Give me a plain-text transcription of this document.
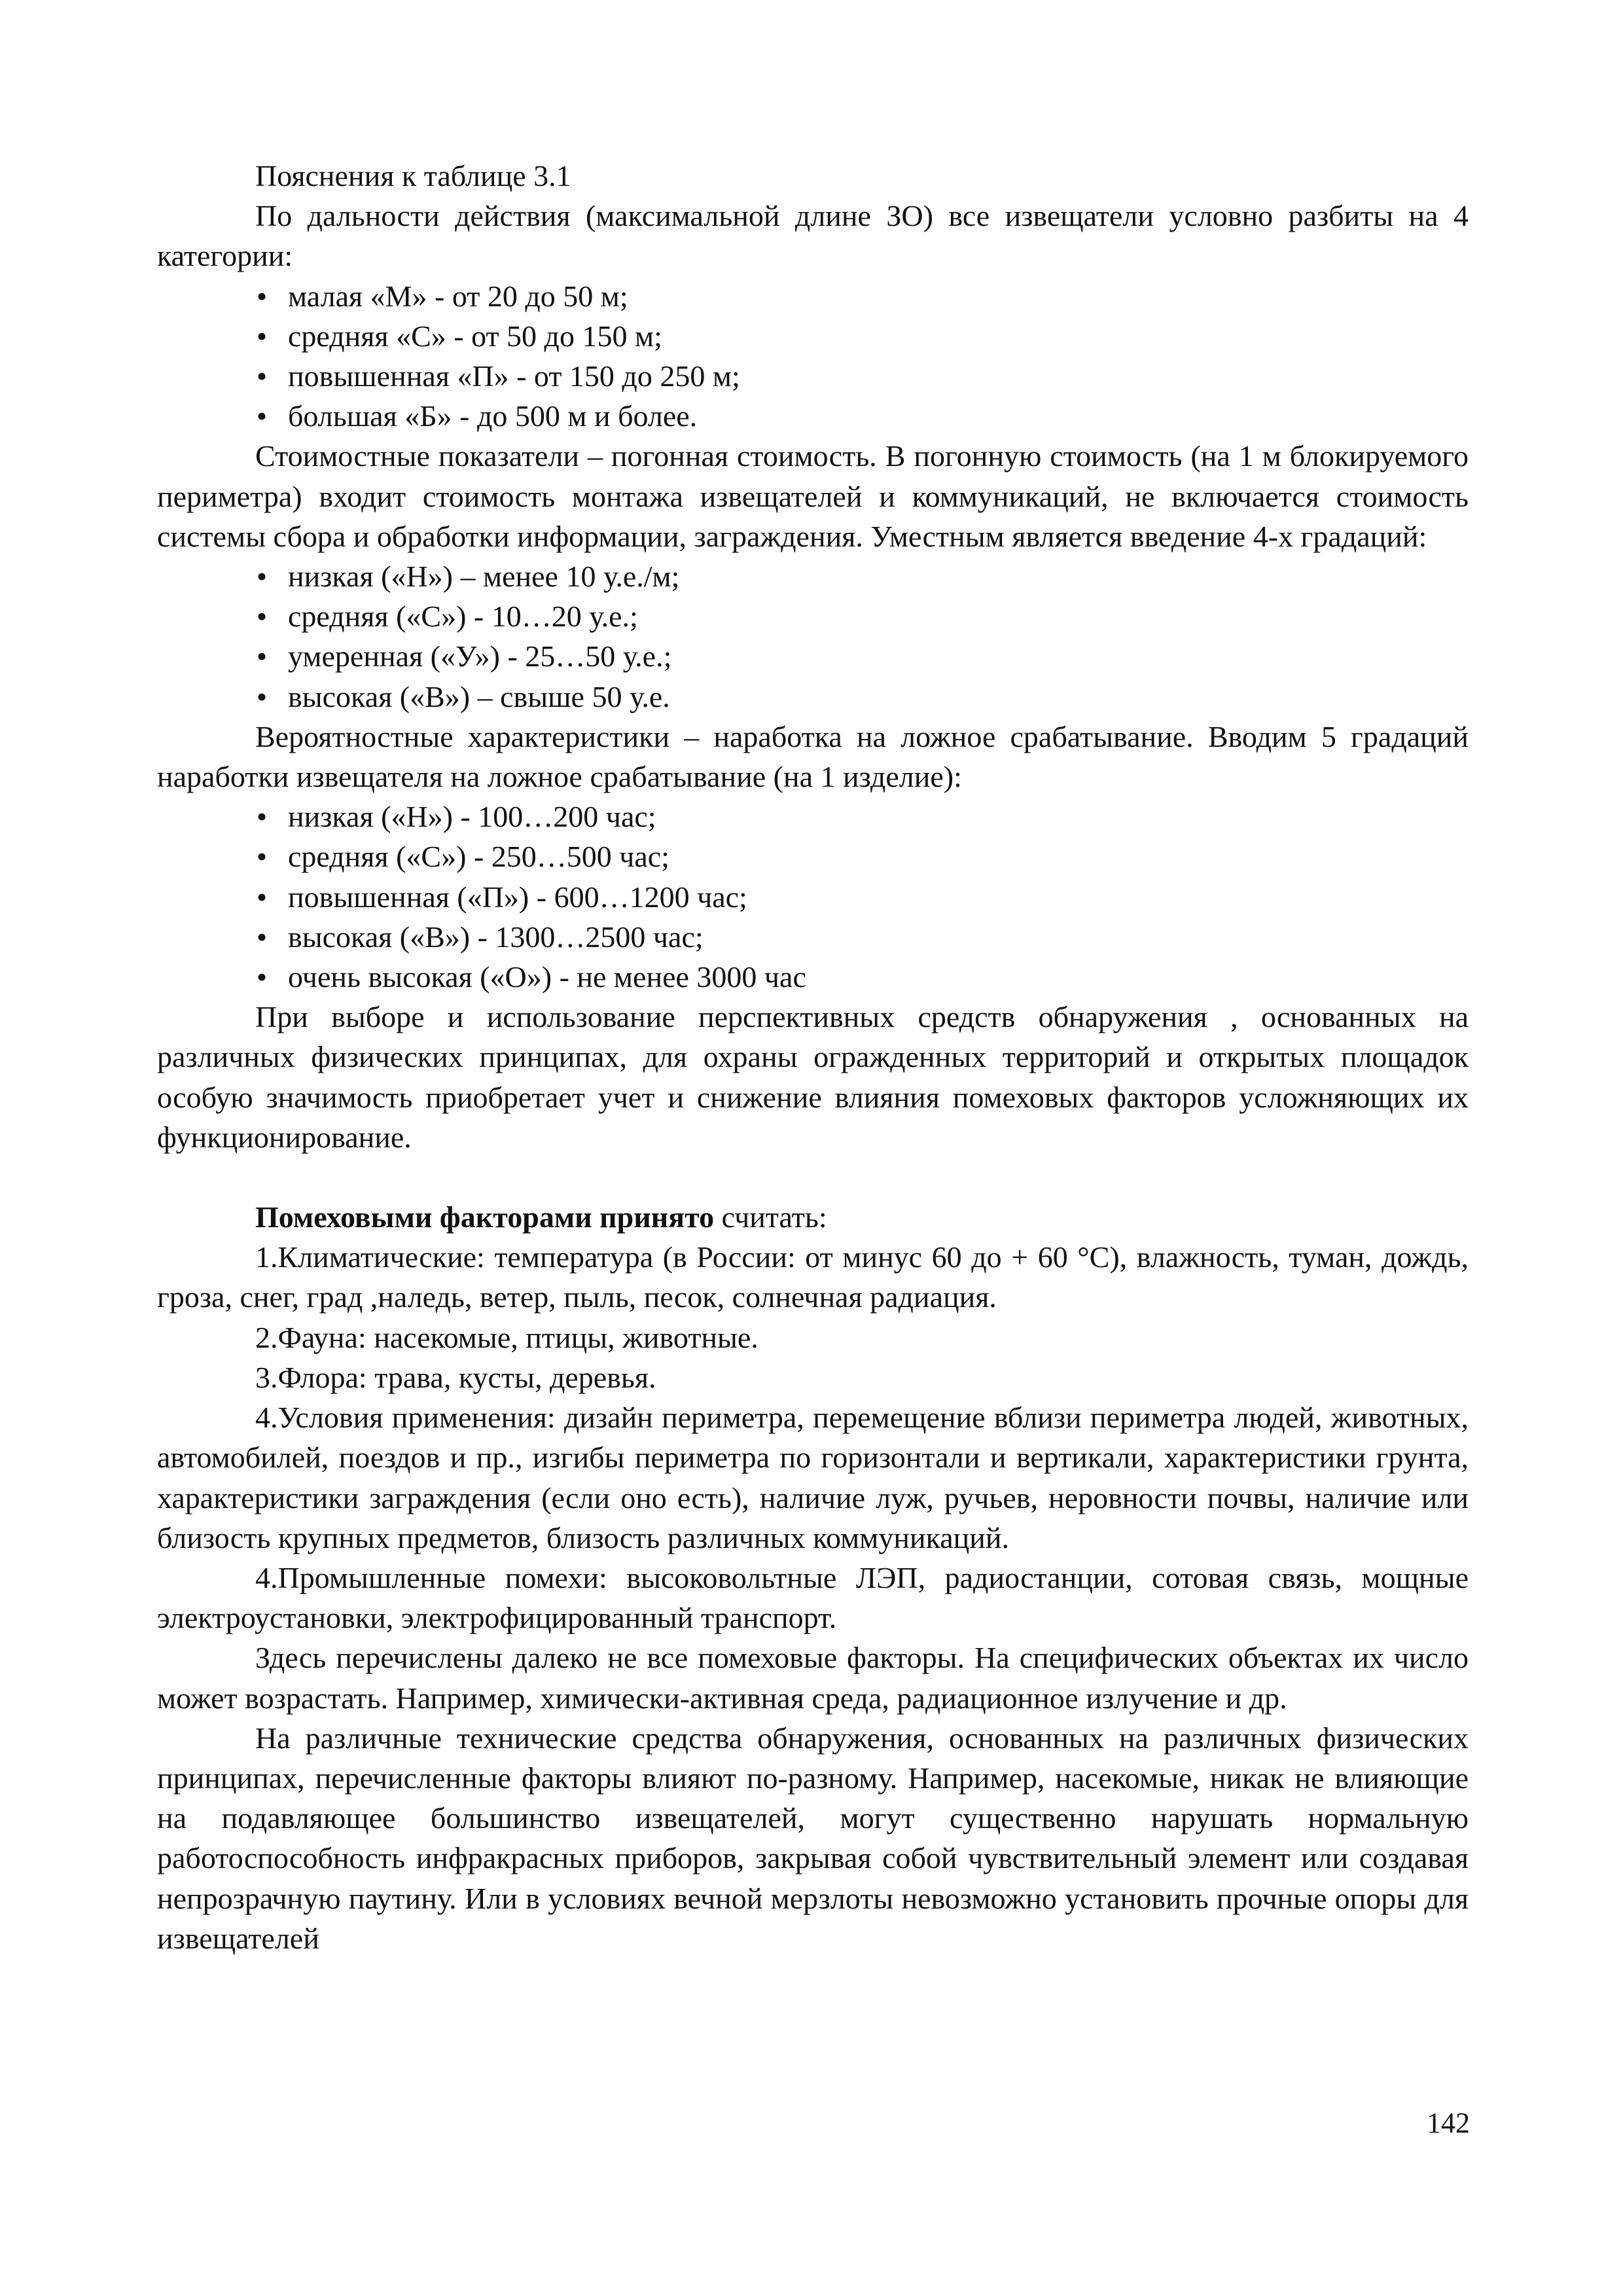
Пояснения к таблице 3.1

По дальности действия (максимальной длине ЗО) все извещатели условно разбиты на 4 категории:

• малая «М» - от 20 до 50 м;
• средняя «С» - от 50 до 150 м;
• повышенная «П» - от 150 до 250 м;
• большая «Б» - до 500 м и более.

Стоимостные показатели – погонная стоимость. В погонную стоимость (на 1 м блокируемого периметра) входит стоимость монтажа извещателей и коммуникаций, не включается стоимость системы сбора и обработки информации, заграждения. Уместным является введение 4-х градаций:

• низкая («Н») – менее 10 у.е./м;
• средняя («С») - 10…20 у.е.;
• умеренная («У») - 25…50 у.е.;
• высокая («В») – свыше 50 у.е.

Вероятностные характеристики – наработка на ложное срабатывание. Вводим 5 градаций наработки извещателя на ложное срабатывание (на 1 изделие):

• низкая («Н») - 100…200 час;
• средняя («С») - 250…500 час;
• повышенная («П») - 600…1200 час;
• высокая («В») - 1300…2500 час;
• очень высокая («О») - не менее 3000 час

При выборе и использование перспективных средств обнаружения , основанных на различных физических принципах, для охраны огражденных территорий и открытых площадок особую значимость приобретает учет и снижение влияния помеховых факторов усложняющих их функционирование.

Помеховыми факторами принято считать:

1.Климатические: температура (в России: от минус 60 до + 60 °С), влажность, туман, дождь, гроза, снег, град ,наледь, ветер, пыль, песок, солнечная радиация.

2.Фауна: насекомые, птицы, животные.

3.Флора: трава, кусты, деревья.

4.Условия применения: дизайн периметра, перемещение вблизи периметра людей, животных, автомобилей, поездов и пр., изгибы периметра по горизонтали и вертикали, характеристики грунта, характеристики заграждения (если оно есть), наличие луж, ручьев, неровности почвы, наличие или близость крупных предметов, близость различных коммуникаций.

4.Промышленные помехи: высоковольтные ЛЭП, радиостанции, сотовая связь, мощные электроустановки, электрофицированный транспорт.

Здесь перечислены далеко не все помеховые факторы. На специфических объектах их число может возрастать. Например, химически-активная среда, радиационное излучение и др.

На различные технические средства обнаружения, основанных на различных физических принципах, перечисленные факторы влияют по-разному. Например, насекомые, никак не влияющие на подавляющее большинство извещателей, могут существенно нарушать нормальную работоспособность инфракрасных приборов, закрывая собой чувствительный элемент или создавая непрозрачную паутину. Или в условиях вечной мерзлоты невозможно установить прочные опоры для извещателей

142
